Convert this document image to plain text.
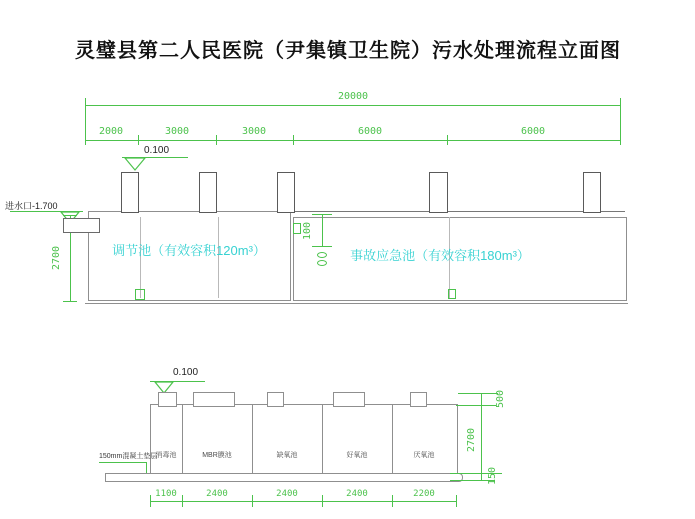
灵璧县第二人民医院（尹集镇卫生院）污水处理流程立面图
20000
2000	3000	3000	6000	6000
0.100
进水口-1.700
2700	调节池（有效容积120m³）	事故应急池（有效容积180m³）
100
0.100
消毒池	MBR膜池	缺氧池	好氧池	厌氧池
150mm混凝土垫层
1100	2400	2400	2400	2200
500
2700
150
